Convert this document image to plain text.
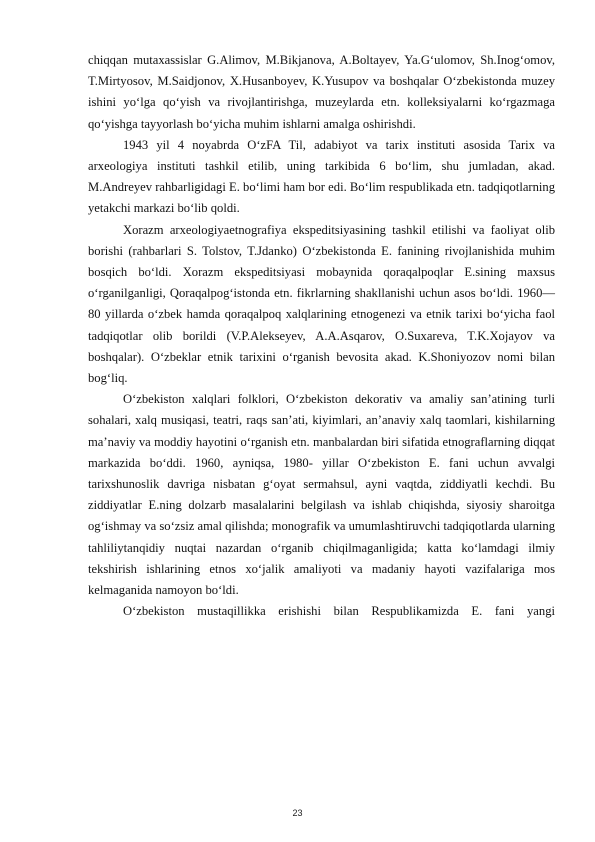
chiqqan mutaxassislar G.Alimov, M.Bikjanova, A.Boltayev, Ya.Gʻulomov, Sh.Inogʻomov, T.Mirtyosov, M.Saidjonov, X.Husanboyev, K.Yusupov va boshqalar Oʻzbekistonda muzey ishini yoʻlga qoʻyish va rivojlantirishga, muzeylarda etn. kolleksiyalarni koʻrgazmaga qoʻyishga tayyorlash boʻyicha muhim ishlarni amalga oshirishdi.

1943 yil 4 noyabrda OʻzFA Til, adabiyot va tarix instituti asosida Tarix va arxeologiya instituti tashkil etilib, uning tarkibida 6 boʻlim, shu jumladan, akad. M.Andreyev rahbarligidagi E. boʻlimi ham bor edi. Boʻlim respublikada etn. tadqiqotlarning yetakchi markazi boʻlib qoldi.

Xorazm arxeologiyaetnografiya ekspeditsiyasining tashkil etilishi va faoliyat olib borishi (rahbarlari S. Tolstov, T.Jdanko) Oʻzbekistonda E. fanining rivojlanishida muhim bosqich boʻldi. Xorazm ekspeditsiyasi mobaynida qoraqalpoqlar E.sining maxsus oʻrganilganligi, Qoraqalpogʻistonda etn. fikrlarning shakllanishi uchun asos boʻldi. 1960—80 yillarda oʻzbek hamda qoraqalpoq xalqlarining etnogenezi va etnik tarixi boʻyicha faol tadqiqotlar olib borildi (V.P.Alekseyev, A.A.Asqarov, O.Suxareva, T.K.Xojayov va boshqalar). Oʻzbeklar etnik tarixini oʻrganish bevosita akad. K.Shoniyozov nomi bilan bogʻliq.

Oʻzbekiston xalqlari folklori, Oʻzbekiston dekorativ va amaliy sanʼatining turli sohalari, xalq musiqasi, teatri, raqs sanʼati, kiyimlari, anʼanaviy xalq taomlari, kishilarning maʼnaviy va moddiy hayotini oʻrganish etn. manbalardan biri sifatida etnograflarning diqqat markazida boʻddi. 1960, ayniqsa, 1980- yillar Oʻzbekiston E. fani uchun avvalgi tarixshunoslik davriga nisbatan gʻoyat sermahsul, ayni vaqtda, ziddiyatli kechdi. Bu ziddiyatlar E.ning dolzarb masalalarini belgilash va ishlab chiqishda, siyosiy sharoitga ogʻishmay va soʻzsiz amal qilishda; monografik va umumlashtiruvchi tadqiqotlarda ularning tahliliytanqidiy nuqtai nazardan oʻrganib chiqilmaganligida; katta koʻlamdagi ilmiy tekshirish ishlarining etnos xoʻjalik amaliyoti va madaniy hayoti vazifalariga mos kelmaganida namoyon boʻldi.

Oʻzbekiston mustaqillikka erishishi bilan Respublikamizda E. fani yangi

23
